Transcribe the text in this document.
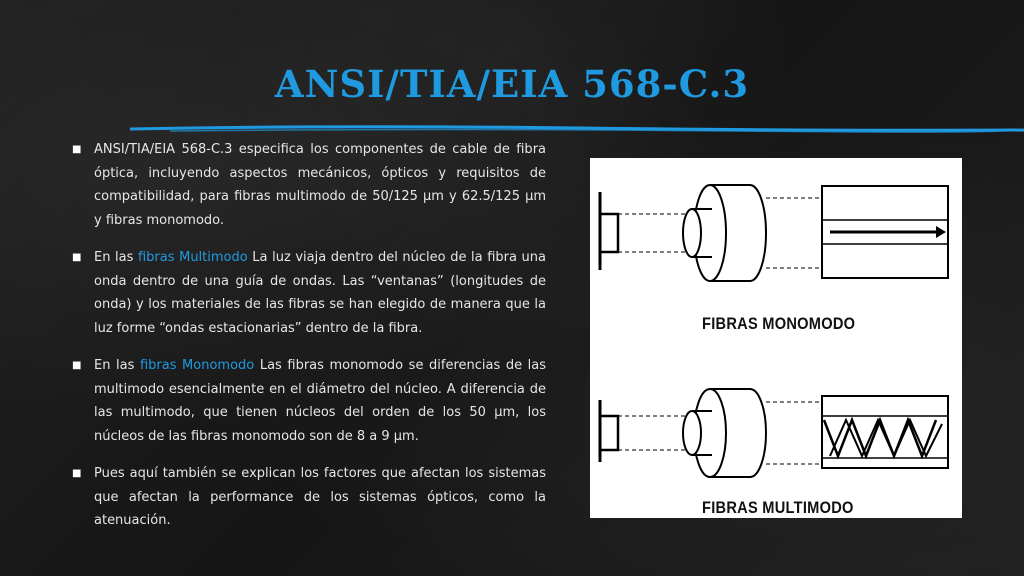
ANSI/TIA/EIA 568-C.3

■ ANSI/TIA/EIA 568-C.3 especifica los componentes de cable de fibra óptica, incluyendo aspectos mecánicos, ópticos y requisitos de compatibilidad, para fibras multimodo de 50/125 µm y 62.5/125 µm y fibras monomodo.

■ En las fibras Multimodo La luz viaja dentro del núcleo de la fibra una onda dentro de una guía de ondas. Las “ventanas” (longitudes de onda) y los materiales de las fibras se han elegido de manera que la luz forme “ondas estacionarias” dentro de la fibra.

■ En las fibras Monomodo Las fibras monomodo se diferencias de las multimodo esencialmente en el diámetro del núcleo. A diferencia de las multimodo, que tienen núcleos del orden de los 50 µm, los núcleos de las fibras monomodo son de 8 a 9 µm.

■ Pues aquí también se explican los factores que afectan los sistemas que afectan la performance de los sistemas ópticos, como la atenuación.

FIBRAS MONOMODO
FIBRAS MULTIMODO
